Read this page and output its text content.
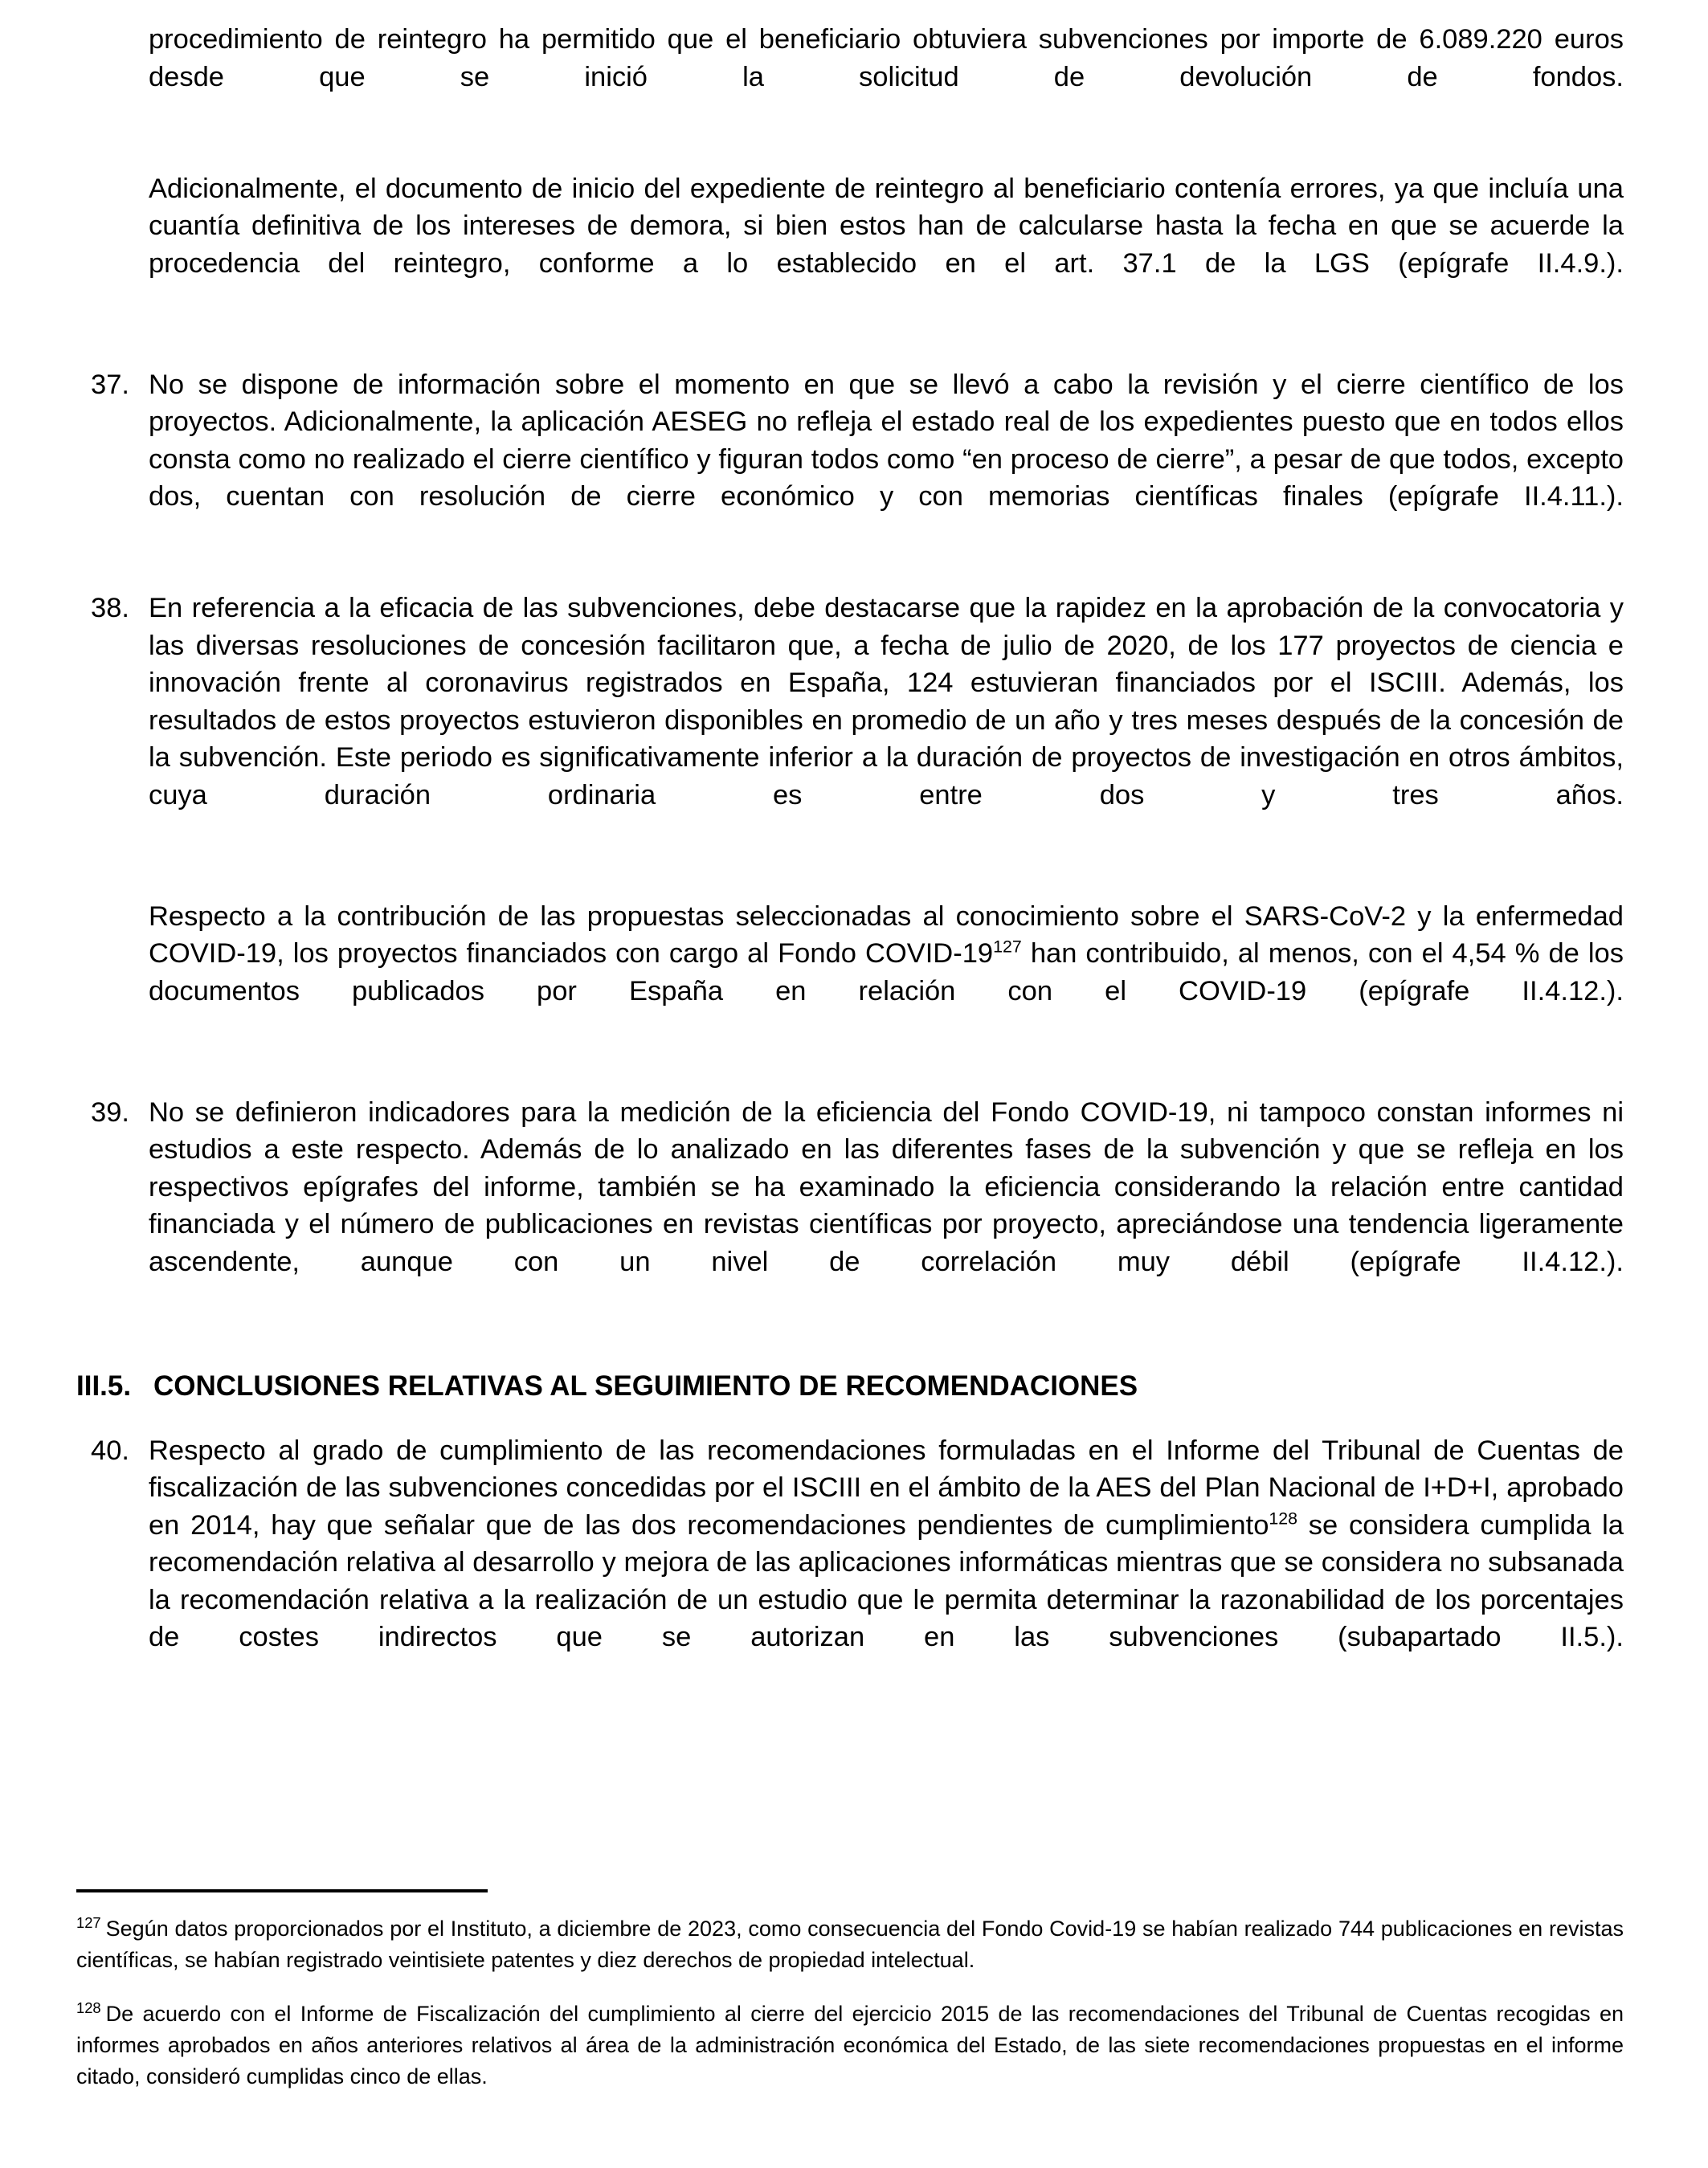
procedimiento de reintegro ha permitido que el beneficiario obtuviera subvenciones por importe de 6.089.220 euros desde que se inició la solicitud de devolución de fondos.

Adicionalmente, el documento de inicio del expediente de reintegro al beneficiario contenía errores, ya que incluía una cuantía definitiva de los intereses de demora, si bien estos han de calcularse hasta la fecha en que se acuerde la procedencia del reintegro, conforme a lo establecido en el art. 37.1 de la LGS (epígrafe II.4.9.).

37. No se dispone de información sobre el momento en que se llevó a cabo la revisión y el cierre científico de los proyectos. Adicionalmente, la aplicación AESEG no refleja el estado real de los expedientes puesto que en todos ellos consta como no realizado el cierre científico y figuran todos como “en proceso de cierre”, a pesar de que todos, excepto dos, cuentan con resolución de cierre económico y con memorias científicas finales (epígrafe II.4.11.).

38. En referencia a la eficacia de las subvenciones, debe destacarse que la rapidez en la aprobación de la convocatoria y las diversas resoluciones de concesión facilitaron que, a fecha de julio de 2020, de los 177 proyectos de ciencia e innovación frente al coronavirus registrados en España, 124 estuvieran financiados por el ISCIII. Además, los resultados de estos proyectos estuvieron disponibles en promedio de un año y tres meses después de la concesión de la subvención. Este periodo es significativamente inferior a la duración de proyectos de investigación en otros ámbitos, cuya duración ordinaria es entre dos y tres años.

Respecto a la contribución de las propuestas seleccionadas al conocimiento sobre el SARS-CoV-2 y la enfermedad COVID-19, los proyectos financiados con cargo al Fondo COVID-$19^{127}$ han contribuido, al menos, con el 4,54 % de los documentos publicados por España en relación con el COVID-19 (epígrafe II.4.12.).

39. No se definieron indicadores para la medición de la eficiencia del Fondo COVID-19, ni tampoco constan informes ni estudios a este respecto. Además de lo analizado en las diferentes fases de la subvención y que se refleja en los respectivos epígrafes del informe, también se ha examinado la eficiencia considerando la relación entre cantidad financiada y el número de publicaciones en revistas científicas por proyecto, apreciándose una tendencia ligeramente ascendente, aunque con un nivel de correlación muy débil (epígrafe II.4.12.).

III.5. CONCLUSIONES RELATIVAS AL SEGUIMIENTO DE RECOMENDACIONES
40. Respecto al grado de cumplimiento de las recomendaciones formuladas en el Informe del Tribunal de Cuentas de fiscalización de las subvenciones concedidas por el ISCIII en el ámbito de la AES del Plan Nacional de I+D+I, aprobado en 2014, hay que señalar que de las dos recomendaciones pendientes de cumplimiento$^{128}$ se considera cumplida la recomendación relativa al desarrollo y mejora de las aplicaciones informáticas mientras que se considera no subsanada la recomendación relativa a la realización de un estudio que le permita determinar la razonabilidad de los porcentajes de costes indirectos que se autorizan en las subvenciones (subapartado II.5.).

$^{127}$ Según datos proporcionados por el Instituto, a diciembre de 2023, como consecuencia del Fondo Covid-19 se habían realizado 744 publicaciones en revistas científicas, se habían registrado veintisiete patentes y diez derechos de propiedad intelectual.

$^{128}$ De acuerdo con el Informe de Fiscalización del cumplimiento al cierre del ejercicio 2015 de las recomendaciones del Tribunal de Cuentas recogidas en informes aprobados en años anteriores relativos al área de la administración económica del Estado, de las siete recomendaciones propuestas en el informe citado, consideró cumplidas cinco de ellas.
